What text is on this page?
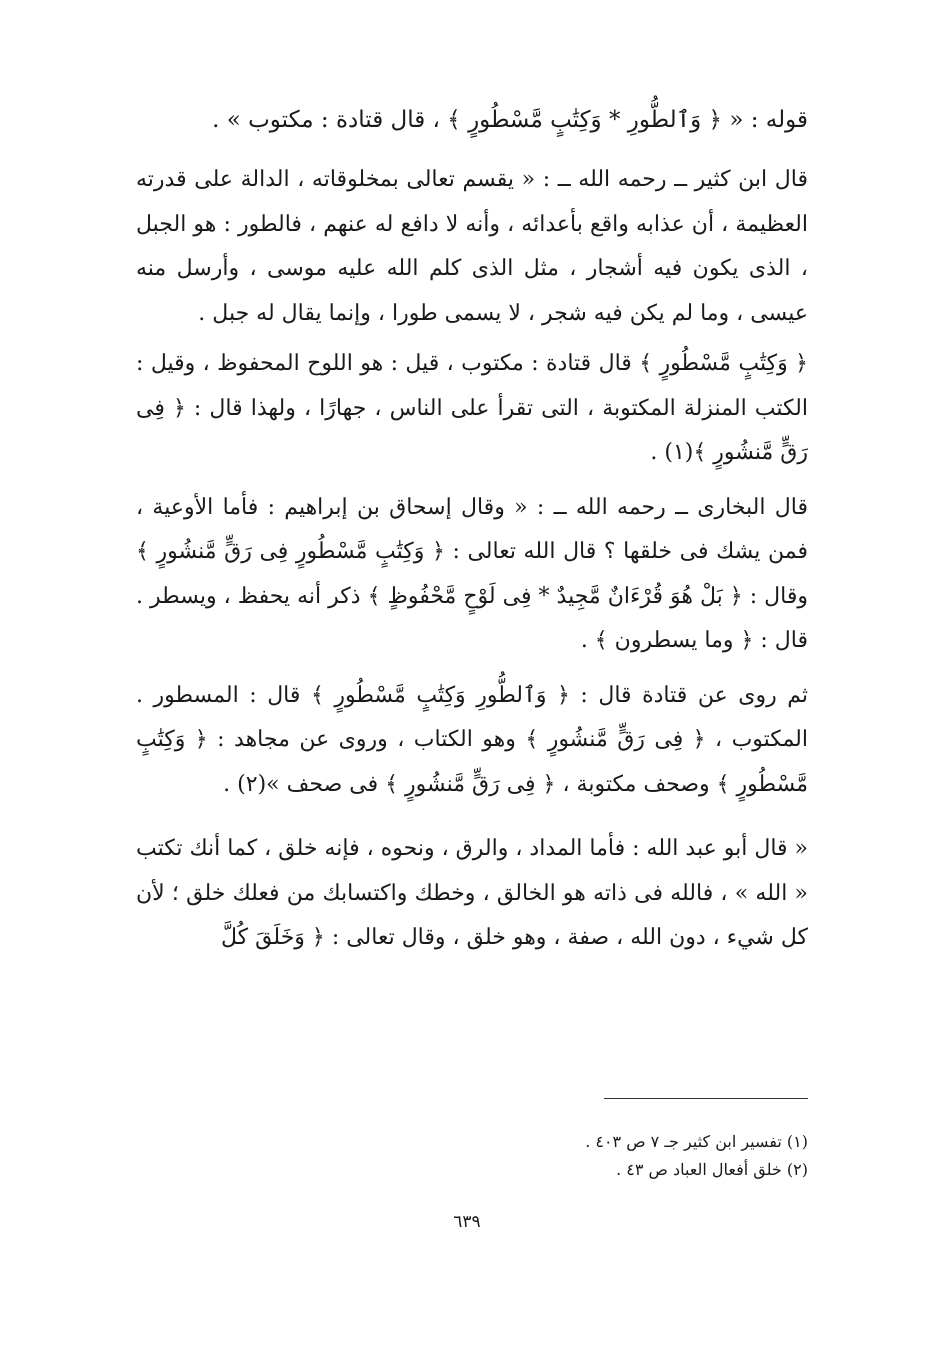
قوله : « ﴿ وَٱلطُّورِ * وَكِتَٰبٍ مَّسْطُورٍ ﴾ ، قال قتادة : مكتوب » .

قال ابن كثير ــ رحمه الله ــ : « يقسم تعالى بمخلوقاته ، الدالة على قدرته العظيمة ، أن عذابه واقع بأعدائه ، وأنه لا دافع له عنهم ، فالطور : هو الجبل ، الذى يكون فيه أشجار ، مثل الذى كلم الله عليه موسى ، وأرسل منه عيسى ، وما لم يكن فيه شجر ، لا يسمى طورا ، وإنما يقال له جبل .

﴿ وَكِتَٰبٍ مَّسْطُورٍ ﴾ قال قتادة : مكتوب ، قيل : هو اللوح المحفوظ ، وقيل : الكتب المنزلة المكتوبة ، التى تقرأ على الناس ، جهارًا ، ولهذا قال : ﴿ فِى رَقٍّ مَّنشُورٍ ﴾(١) .

قال البخارى ــ رحمه الله ــ : « وقال إسحاق بن إبراهيم : فأما الأوعية ، فمن يشك فى خلقها ؟ قال الله تعالى : ﴿ وَكِتَٰبٍ مَّسْطُورٍ فِى رَقٍّ مَّنشُورٍ ﴾ وقال : ﴿ بَلْ هُوَ قُرْءَانٌ مَّجِيدٌ * فِى لَوْحٍ مَّحْفُوظٍ ﴾ ذكر أنه يحفظ ، ويسطر . قال : ﴿ وما يسطرون ﴾ .

ثم روى عن قتادة قال : ﴿ وَٱلطُّورِ وَكِتَٰبٍ مَّسْطُورٍ ﴾ قال : المسطور . المكتوب ، ﴿ فِى رَقٍّ مَّنشُورٍ ﴾ وهو الكتاب ، وروى عن مجاهد : ﴿ وَكِتَٰبٍ مَّسْطُورٍ ﴾ وصحف مكتوبة ، ﴿ فِى رَقٍّ مَّنشُورٍ ﴾ فى صحف »(٢) .

« قال أبو عبد الله : فأما المداد ، والرق ، ونحوه ، فإنه خلق ، كما أنك تكتب « الله » ، فالله فى ذاته هو الخالق ، وخطك واكتسابك من فعلك خلق ؛ لأن كل شيء ، دون الله ، صفة ، وهو خلق ، وقال تعالى : ﴿ وَخَلَقَ كُلَّ

(١) تفسير ابن كثير جـ ٧ ص ٤٠٣ .

(٢) خلق أفعال العباد ص ٤٣ .

٦٣٩
